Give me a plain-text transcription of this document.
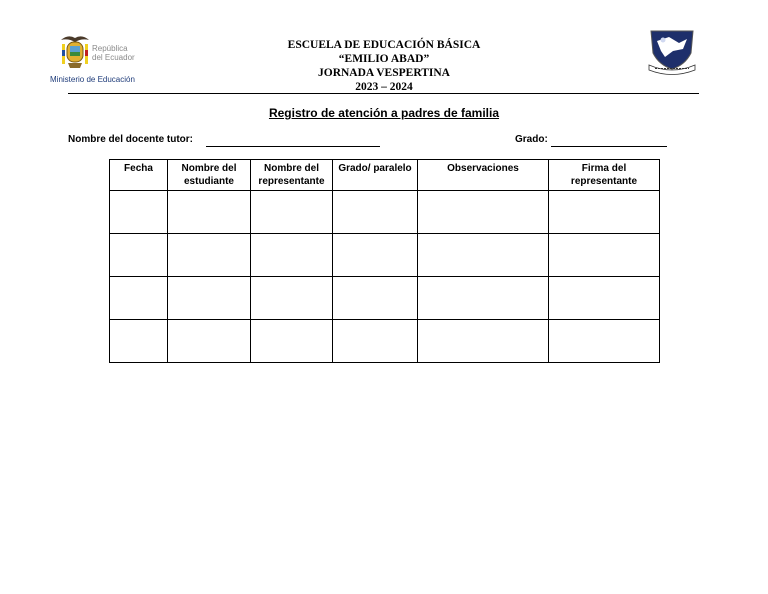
República
del Ecuador
Ministerio de Educación
ESCUELA DE EDUCACIÓN BÁSICA
“EMILIO ABAD”
JORNADA VESPERTINA
2023 – 2024
Registro de atención a padres de familia
Nombre del docente tutor:	Grado:
Fecha	Nombre del estudiante	Nombre del representante	Grado/ paralelo	Observaciones	Firma del representante
